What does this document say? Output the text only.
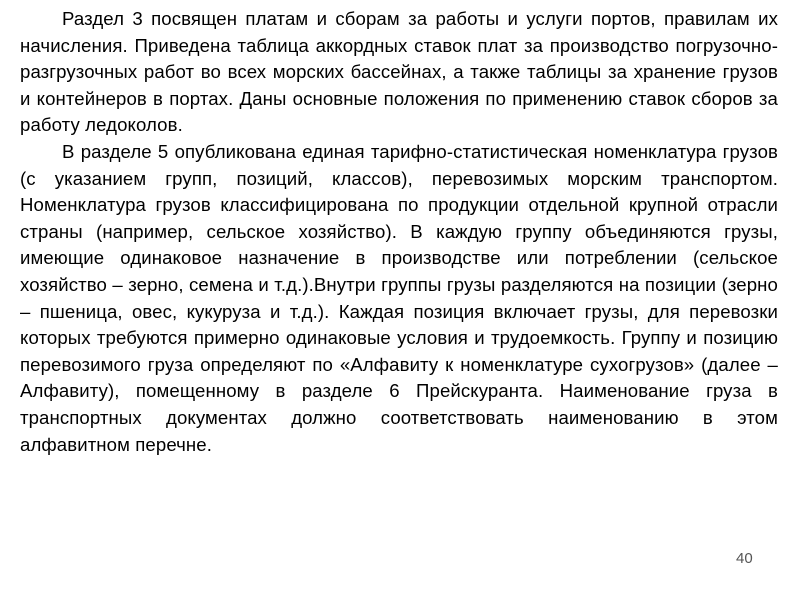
Раздел 3 посвящен платам и сборам за работы и услуги портов, правилам их начисления. Приведена таблица аккордных ставок плат за производство погрузочно-разгрузочных работ во всех морских бассейнах, а также таблицы за хранение грузов и контейнеров в портах. Даны основные положения по применению ставок сборов за работу ледоколов.

В разделе 5 опубликована единая тарифно-статистическая номенклатура грузов (с указанием групп, позиций, классов), перевозимых морским транспортом. Номенклатура грузов классифицирована по продукции отдельной крупной отрасли страны (например, сельское хозяйство). В каждую группу объединяются грузы, имеющие одинаковое назначение в производстве или потреблении (сельское хозяйство – зерно, семена и т.д.).Внутри группы грузы разделяются на позиции (зерно – пшеница, овес, кукуруза и т.д.). Каждая позиция включает грузы, для перевозки которых требуются примерно одинаковые условия и трудоемкость. Группу и позицию перевозимого груза определяют по «Алфавиту к номенклатуре сухогрузов» (далее – Алфавиту), помещенному в разделе 6 Прейскуранта. Наименование груза в транспортных документах должно соответствовать наименованию в этом алфавитном перечне.

40
